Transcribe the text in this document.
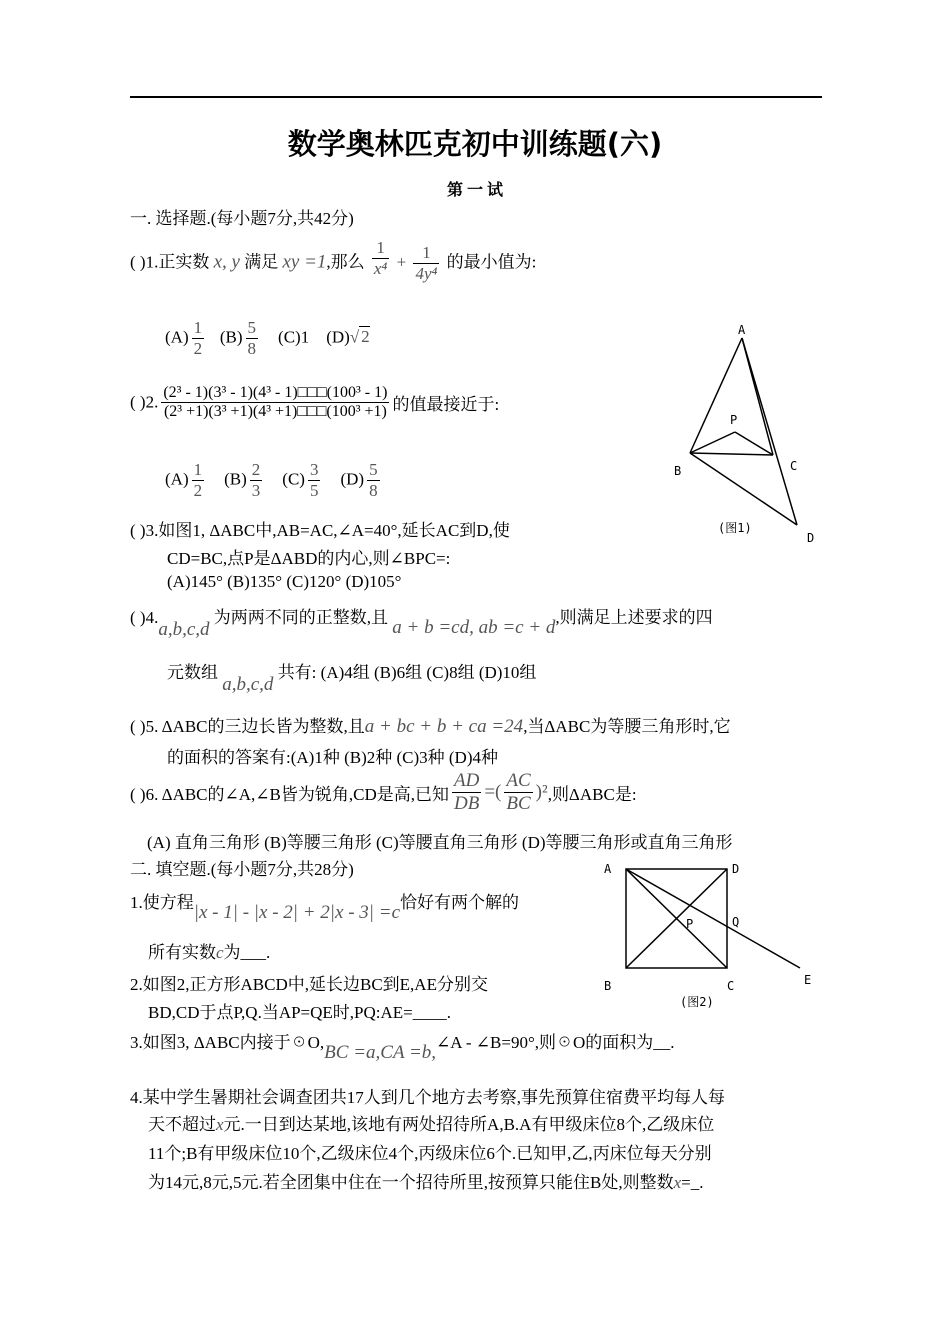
数学奥林匹克初中训练题(六)
第 一 试
一. 选择题.(每小题7分,共42分)
( )1.正实数 x, y 满足 xy =1,那么 $\frac{1}{\text{x⁴}} + \frac{1}{\text{4y⁴}}$ 的最小值为:
$(A) \frac{1}{2} (B) \frac{5}{8} (C)1$ (D)√ 2
( )2. $\frac{\text{(2³ - 1)(3³ - 1)(4³ - 1)□□□(100³ - 1)}}{\text{(2³ +1)(3³ +1)(4³ +1)□□□(100³ +1)}}$ 的值最接近于:
$(A) \frac{1}{2} (B) \frac{2}{3} (C) \frac{3}{5} (D) \frac{5}{8}$
( )3.如图1, ΔABC中,AB=AC,∠A=40°,延长AC到D,使
CD=BC,点P是ΔABD的内心,则∠BPC=:
(A)145° (B)135° (C)120° (D)105°
( )4.a,b,c,d 为两两不同的正整数,且 a + b =cd, ab =c + d,则满足上述要求的四
元数组 a,b,c,d 共有: (A)4组 (B)6组 (C)8组 (D)10组
( )5. ΔABC的三边长皆为整数,且a + bc + b + ca =24,当ΔABC为等腰三角形时,它
的面积的答案有:(A)1种 (B)2种 (C)3种 (D)4种
( )6. ΔABC的∠A,∠B皆为锐角,CD是高,已知 $\frac{AD}{DB}$ =( $\frac{AC}{BC} )^2$,则ΔABC是:
(A) 直角三角形 (B)等腰三角形 (C)等腰直角三角形 (D)等腰三角形或直角三角形
二. 填空题.(每小题7分,共28分)
1.使方程|x - 1| - |x - 2| + 2|x - 3| =c恰好有两个解的
所有实数c为___.
2.如图2,正方形ABCD中,延长边BC到E,AE分别交
BD,CD于点P,Q.当AP=QE时,PQ:AE=____.
3.如图3, ΔABC内接于☉O,BC =a,CA =b,∠A - ∠B=90°,则☉O的面积为__.
4.某中学生暑期社会调查团共17人到几个地方去考察,事先预算住宿费平均每人每
天不超过x元.一日到达某地,该地有两处招待所A,B.A有甲级床位8个,乙级床位
11个;B有甲级床位10个,乙级床位4个,丙级床位6个.已知甲,乙,丙床位每天分别
为14元,8元,5元.若全团集中住在一个招待所里,按预算只能住B处,则整数x=_.
A
B	C
D
P
(图1)
A	D
B	C	E
P	Q
(图2)
